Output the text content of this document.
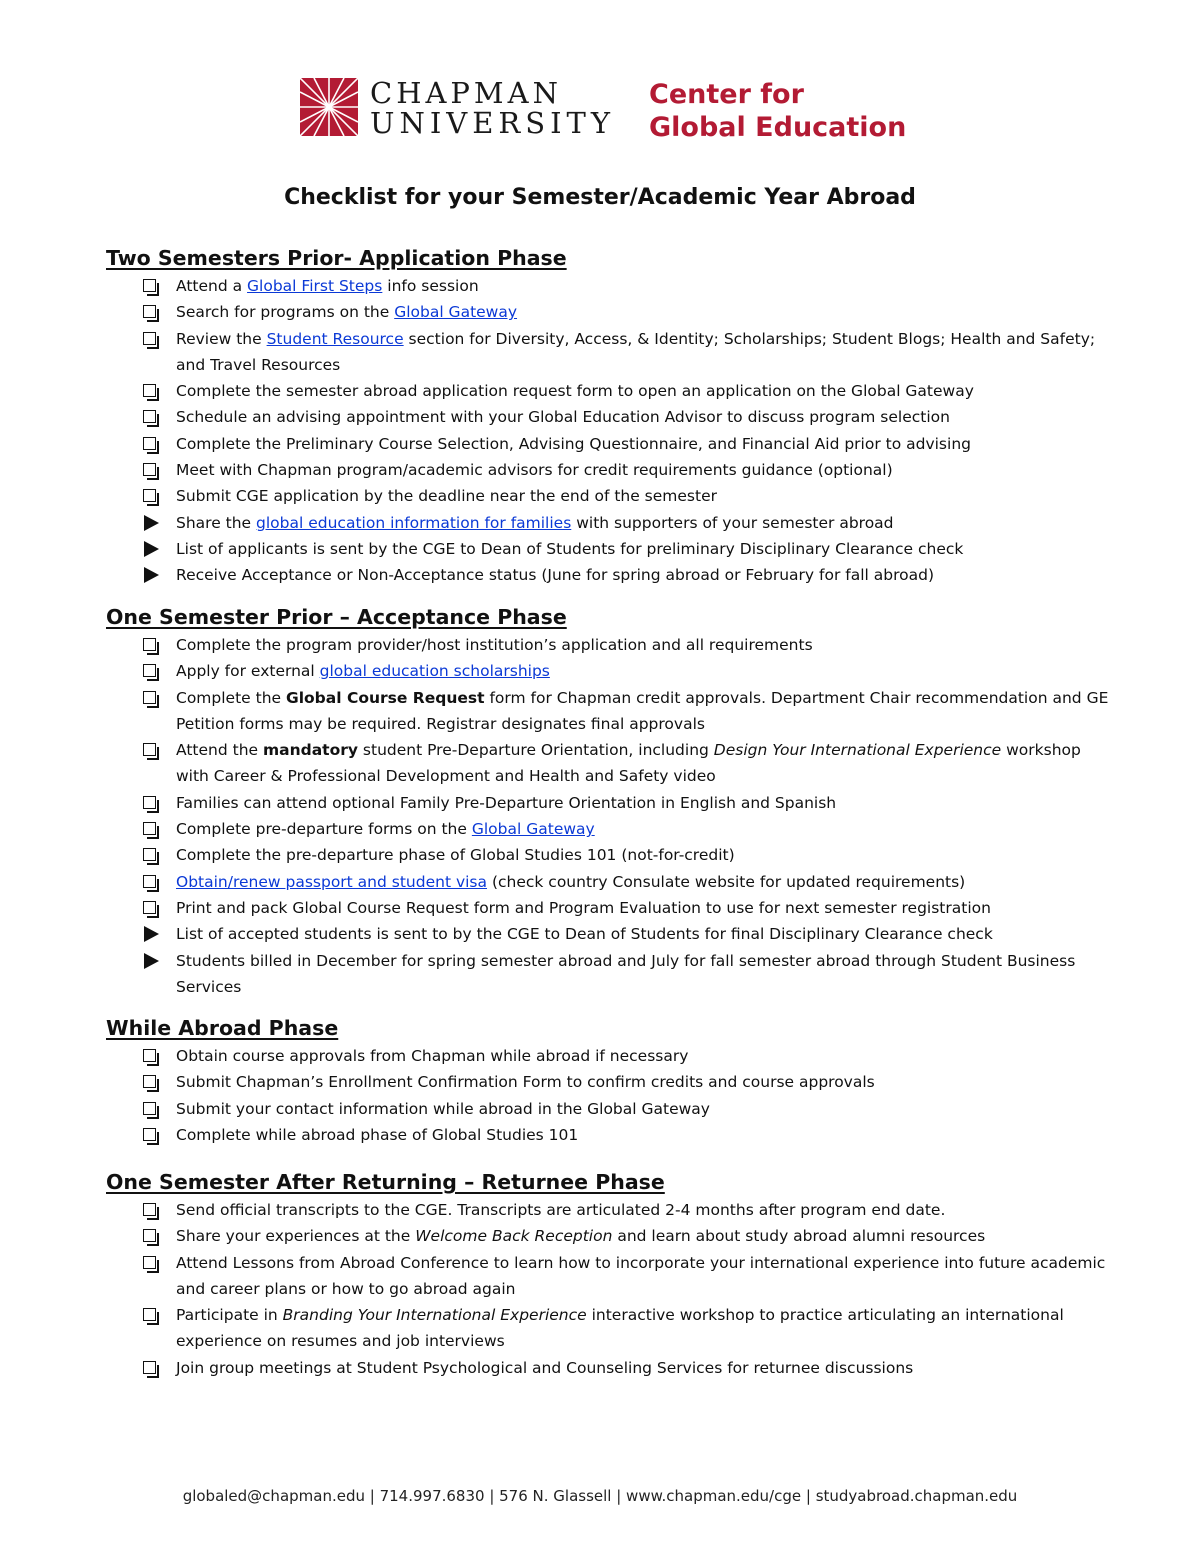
CHAPMAN
UNIVERSITY
Center for
Global Education
Checklist for your Semester/Academic Year Abroad
Two Semesters Prior- Application Phase
Attend a Global First Steps info session
Search for programs on the Global Gateway
Review the Student Resource section for Diversity, Access, & Identity; Scholarships; Student Blogs; Health and Safety; and Travel Resources
Complete the semester abroad application request form to open an application on the Global Gateway
Schedule an advising appointment with your Global Education Advisor to discuss program selection
Complete the Preliminary Course Selection, Advising Questionnaire, and Financial Aid prior to advising
Meet with Chapman program/academic advisors for credit requirements guidance (optional)
Submit CGE application by the deadline near the end of the semester
Share the global education information for families with supporters of your semester abroad
List of applicants is sent by the CGE to Dean of Students for preliminary Disciplinary Clearance check
Receive Acceptance or Non-Acceptance status (June for spring abroad or February for fall abroad)
One Semester Prior – Acceptance Phase
Complete the program provider/host institution’s application and all requirements
Apply for external global education scholarships
Complete the Global Course Request form for Chapman credit approvals. Department Chair recommendation and GE Petition forms may be required. Registrar designates final approvals
Attend the mandatory student Pre-Departure Orientation, including Design Your International Experience workshop with Career & Professional Development and Health and Safety video
Families can attend optional Family Pre-Departure Orientation in English and Spanish
Complete pre-departure forms on the Global Gateway
Complete the pre-departure phase of Global Studies 101 (not-for-credit)
Obtain/renew passport and student visa (check country Consulate website for updated requirements)
Print and pack Global Course Request form and Program Evaluation to use for next semester registration
List of accepted students is sent to by the CGE to Dean of Students for final Disciplinary Clearance check
Students billed in December for spring semester abroad and July for fall semester abroad through Student Business Services
While Abroad Phase
Obtain course approvals from Chapman while abroad if necessary
Submit Chapman’s Enrollment Confirmation Form to confirm credits and course approvals
Submit your contact information while abroad in the Global Gateway
Complete while abroad phase of Global Studies 101
One Semester After Returning – Returnee Phase
Send official transcripts to the CGE. Transcripts are articulated 2-4 months after program end date.
Share your experiences at the Welcome Back Reception and learn about study abroad alumni resources
Attend Lessons from Abroad Conference to learn how to incorporate your international experience into future academic and career plans or how to go abroad again
Participate in Branding Your International Experience interactive workshop to practice articulating an international experience on resumes and job interviews
Join group meetings at Student Psychological and Counseling Services for returnee discussions
globaled@chapman.edu | 714.997.6830 | 576 N. Glassell | www.chapman.edu/cge | studyabroad.chapman.edu
